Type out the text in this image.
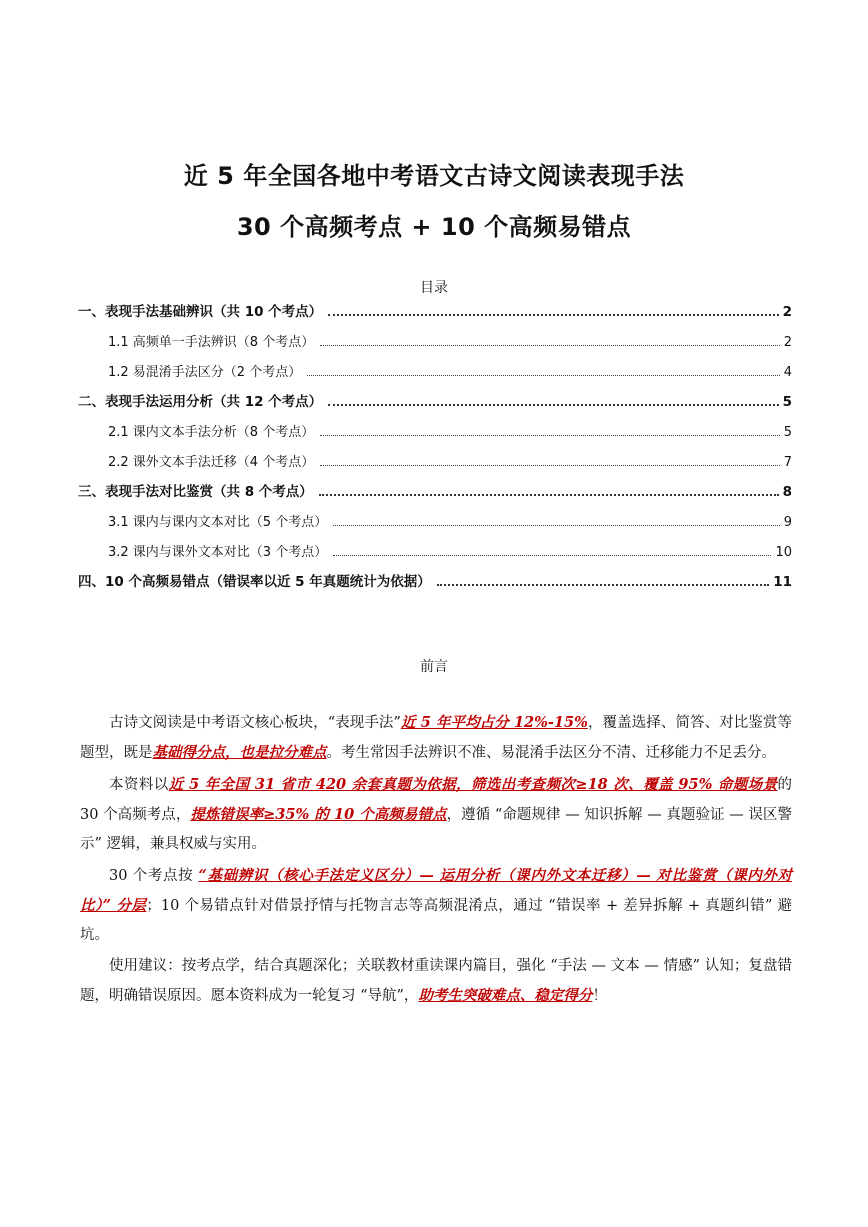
近 5 年全国各地中考语文古诗文阅读表现手法
30 个高频考点 + 10 个高频易错点
目录
一、表现手法基础辨识（共 10 个考点）	2
1.1 高频单一手法辨识（8 个考点）	2
1.2 易混淆手法区分（2 个考点）	4
二、表现手法运用分析（共 12 个考点）	5
2.1 课内文本手法分析（8 个考点）	5
2.2 课外文本手法迁移（4 个考点）	7
三、表现手法对比鉴赏（共 8 个考点）	8
3.1 课内与课内文本对比（5 个考点）	9
3.2 课内与课外文本对比（3 个考点）	10
四、10 个高频易错点（错误率以近 5 年真题统计为依据）	11
前言

古诗文阅读是中考语文核心板块，“表现手法”近 5 年平均占分 12%-15%，覆盖选择、简答、对比鉴赏等题型，既是基础得分点，也是拉分难点。考生常因手法辨识不准、易混淆手法区分不清、迁移能力不足丢分。

本资料以近 5 年全国 31 省市 420 余套真题为依据，筛选出考查频次≥18 次、覆盖 95% 命题场景的 30 个高频考点，提炼错误率≥35% 的 10 个高频易错点，遵循 “命题规律 — 知识拆解 — 真题验证 — 误区警示” 逻辑，兼具权威与实用。

30 个考点按 “基础辨识（核心手法定义区分）— 运用分析（课内外文本迁移）— 对比鉴赏（课内外对比）” 分层；10 个易错点针对借景抒情与托物言志等高频混淆点，通过 “错误率 + 差异拆解 + 真题纠错” 避坑。

使用建议：按考点学，结合真题深化；关联教材重读课内篇目，强化 “手法 — 文本 — 情感” 认知；复盘错题，明确错误原因。愿本资料成为一轮复习 “导航”，助考生突破难点、稳定得分！
